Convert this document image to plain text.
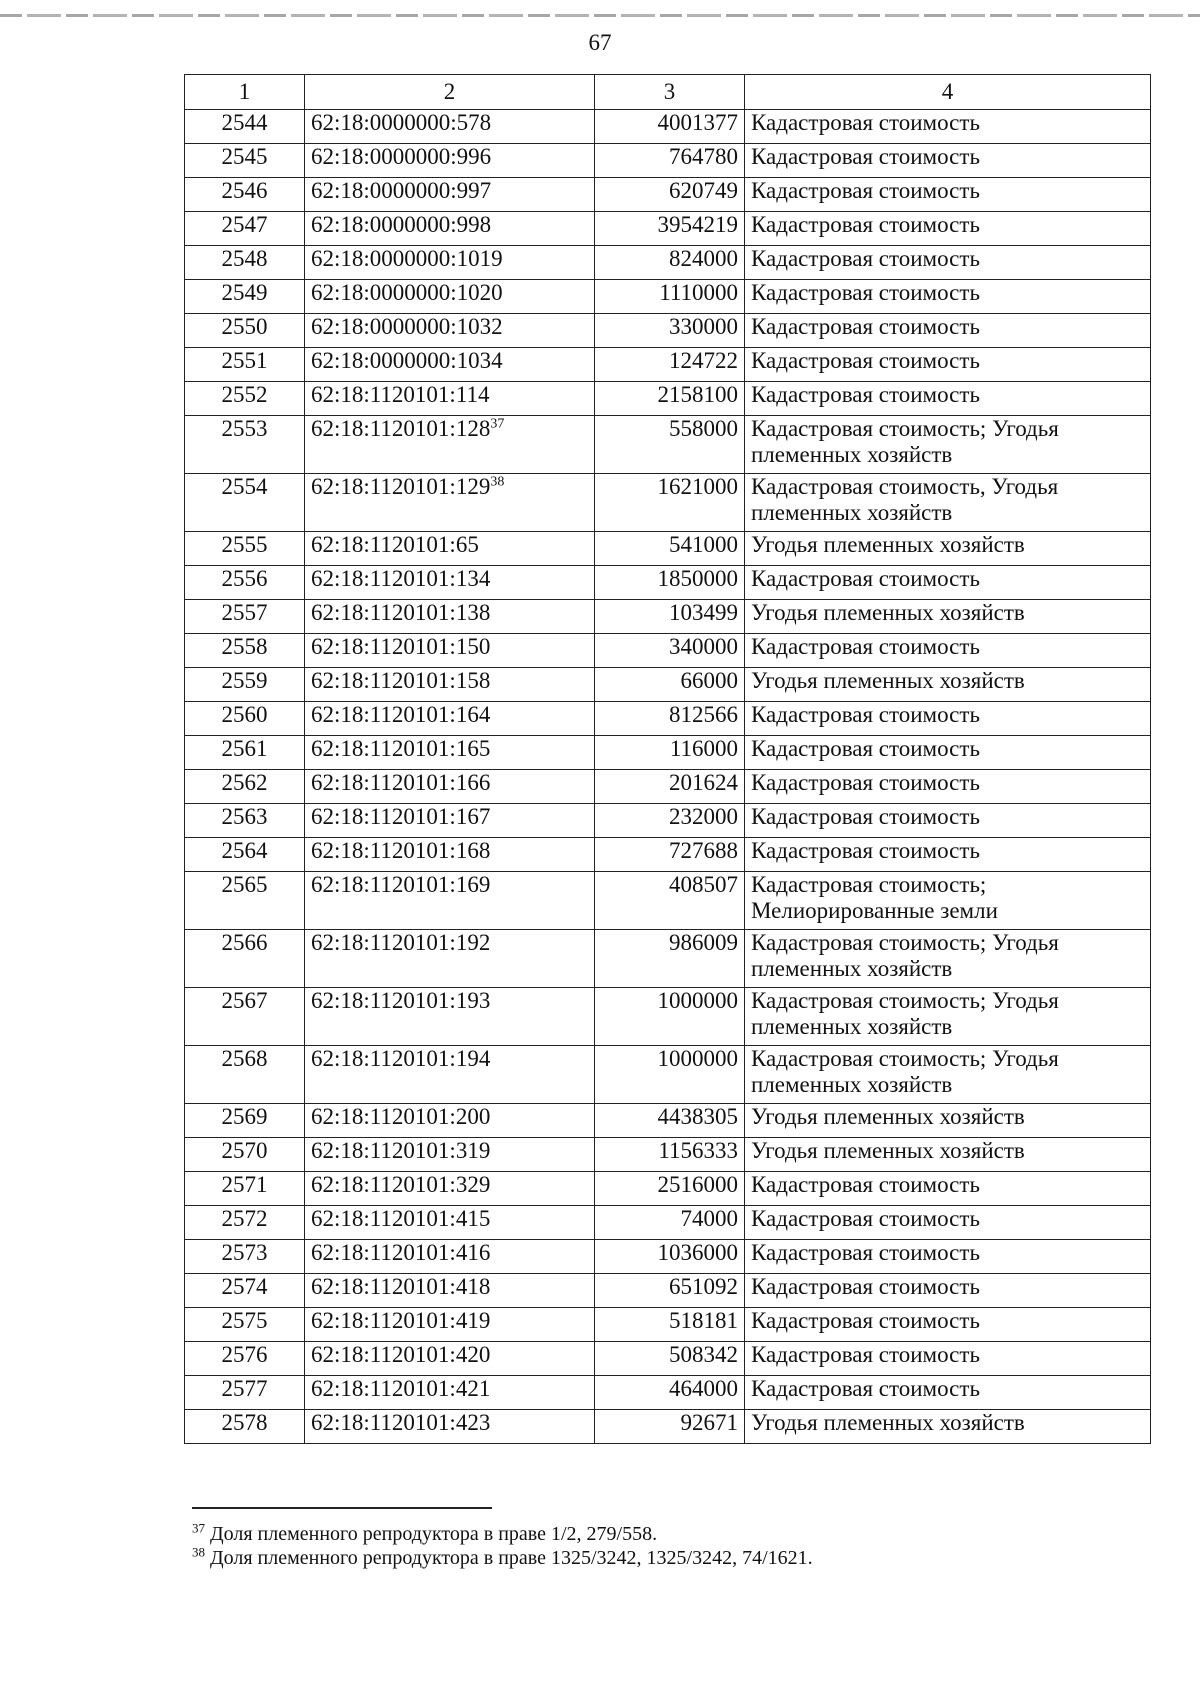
67
1	2	3	4
2544	62:18:0000000:578	4001377	Кадастровая стоимость
2545	62:18:0000000:996	764780	Кадастровая стоимость
2546	62:18:0000000:997	620749	Кадастровая стоимость
2547	62:18:0000000:998	3954219	Кадастровая стоимость
2548	62:18:0000000:1019	824000	Кадастровая стоимость
2549	62:18:0000000:1020	1110000	Кадастровая стоимость
2550	62:18:0000000:1032	330000	Кадастровая стоимость
2551	62:18:0000000:1034	124722	Кадастровая стоимость
2552	62:18:1120101:114	2158100	Кадастровая стоимость
2553	$62:18:1120101:128^{37}$	558000	Кадастровая стоимость; Угодья племенных хозяйств
2554	$62:18:1120101:129^{38}$	1621000	Кадастровая стоимость, Угодья племенных хозяйств
2555	62:18:1120101:65	541000	Угодья племенных хозяйств
2556	62:18:1120101:134	1850000	Кадастровая стоимость
2557	62:18:1120101:138	103499	Угодья племенных хозяйств
2558	62:18:1120101:150	340000	Кадастровая стоимость
2559	62:18:1120101:158	66000	Угодья племенных хозяйств
2560	62:18:1120101:164	812566	Кадастровая стоимость
2561	62:18:1120101:165	116000	Кадастровая стоимость
2562	62:18:1120101:166	201624	Кадастровая стоимость
2563	62:18:1120101:167	232000	Кадастровая стоимость
2564	62:18:1120101:168	727688	Кадастровая стоимость
2565	62:18:1120101:169	408507	Кадастровая стоимость; Мелиорированные земли
2566	62:18:1120101:192	986009	Кадастровая стоимость; Угодья племенных хозяйств
2567	62:18:1120101:193	1000000	Кадастровая стоимость; Угодья племенных хозяйств
2568	62:18:1120101:194	1000000	Кадастровая стоимость; Угодья племенных хозяйств
2569	62:18:1120101:200	4438305	Угодья племенных хозяйств
2570	62:18:1120101:319	1156333	Угодья племенных хозяйств
2571	62:18:1120101:329	2516000	Кадастровая стоимость
2572	62:18:1120101:415	74000	Кадастровая стоимость
2573	62:18:1120101:416	1036000	Кадастровая стоимость
2574	62:18:1120101:418	651092	Кадастровая стоимость
2575	62:18:1120101:419	518181	Кадастровая стоимость
2576	62:18:1120101:420	508342	Кадастровая стоимость
2577	62:18:1120101:421	464000	Кадастровая стоимость
2578	62:18:1120101:423	92671	Угодья племенных хозяйств
$^{37}$ Доля племенного репродуктора в праве 1/2, 279/558.
$^{38}$ Доля племенного репродуктора в праве 1325/3242, 1325/3242, 74/1621.
